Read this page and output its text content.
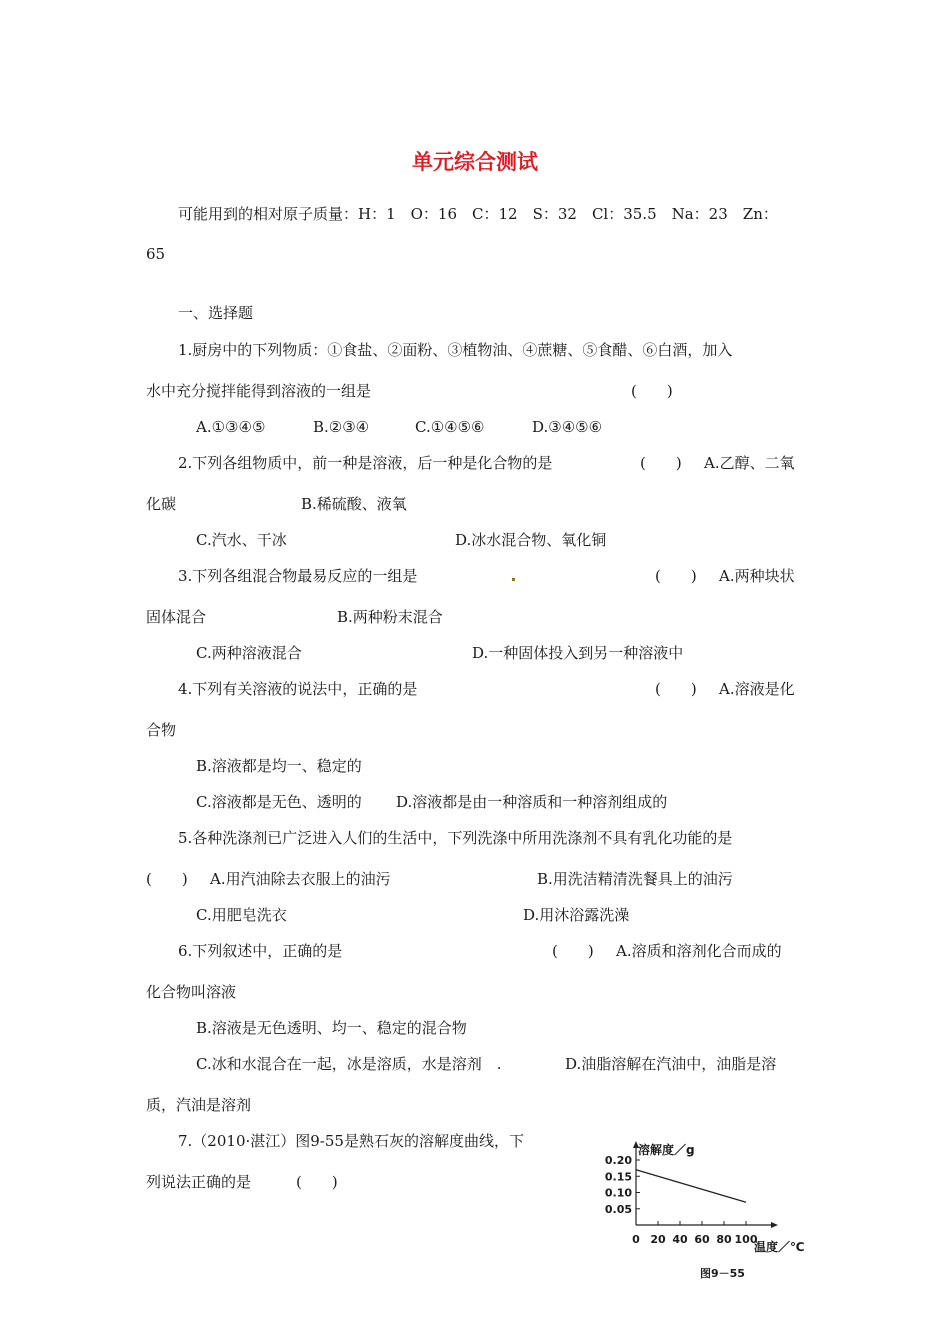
单元综合测试
可能用到的相对原子质量：H：1　O：16　C：12　S：32　Cl：35.5　Na：23　Zn：
65
一、选择题
1.厨房中的下列物质：①食盐、②面粉、③植物油、④蔗糖、⑤食醋、⑥白酒，加入
水中充分搅拌能得到溶液的一组是	(　　)
A.①③④⑤	B.②③④	C.①④⑤⑥	D.③④⑤⑥
2.下列各组物质中，前一种是溶液，后一种是化合物的是	(　　) A.乙醇、二氧
化碳	B.稀硫酸、液氧
C.汽水、干冰	D.冰水混合物、氧化铜
3.下列各组混合物最易反应的一组是	(　　) A.两种块状
固体混合	B.两种粉末混合
C.两种溶液混合	D.一种固体投入到另一种溶液中
4.下列有关溶液的说法中，正确的是	(　　) A.溶液是化
合物
B.溶液都是均一、稳定的
C.溶液都是无色、透明的 D.溶液都是由一种溶质和一种溶剂组成的
5.各种洗涤剂已广泛进入人们的生活中，下列洗涤中所用洗涤剂不具有乳化功能的是
(　　) A.用汽油除去衣服上的油污	B.用洗洁精清洗餐具上的油污
C.用肥皂洗衣	D.用沐浴露洗澡
6.下列叙述中，正确的是	(　　) A.溶质和溶剂化合而成的
化合物叫溶液
B.溶液是无色透明、均一、稳定的混合物
C.冰和水混合在一起，冰是溶质，水是溶剂　.	D.油脂溶解在汽油中，油脂是溶
质，汽油是溶剂
7.（2010·湛江）图9-55是熟石灰的溶解度曲线，下
列说法正确的是	(　　)
0.20
0.15
0.10
0.05
0 20 40 60 80 100
溶解度／g
温度／℃
图9－55
